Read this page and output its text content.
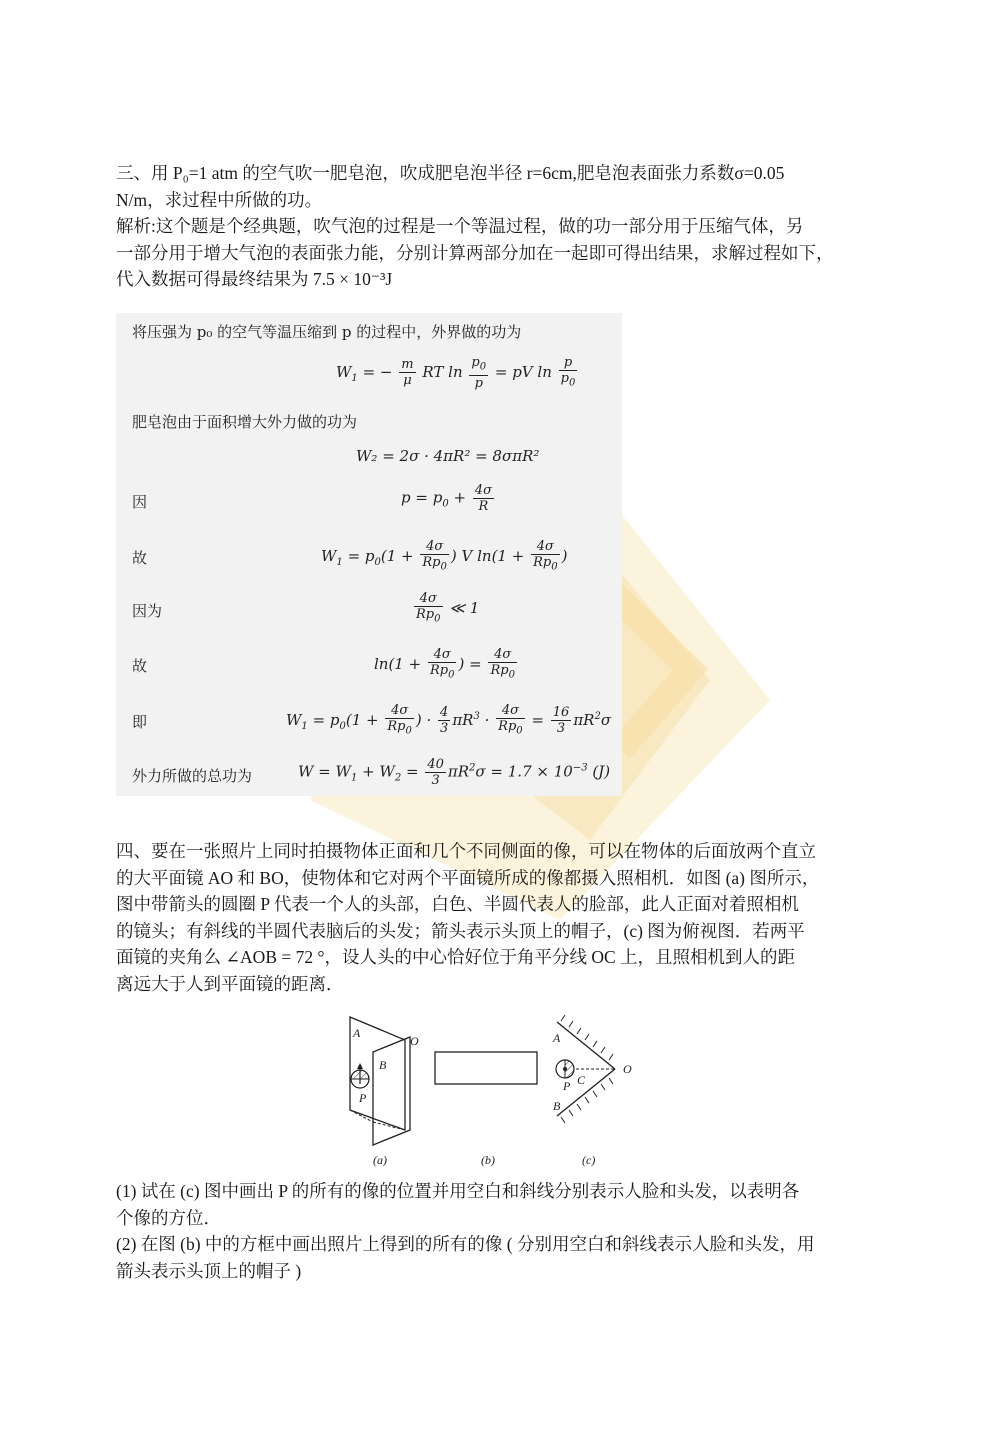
三、用 P₀=1 atm 的空气吹一肥皂泡，吹成肥皂泡半径 r=6cm,肥皂泡表面张力系数σ=0.05

N/m，求过程中所做的功。

解析:这个题是个经典题，吹气泡的过程是一个等温过程，做的功一部分用于压缩气体，另

一部分用于增大气泡的表面张力能，分别计算两部分加在一起即可得出结果，求解过程如下，

代入数据可得最终结果为 7.5 × 10⁻³J

将压强为 p₀ 的空气等温压缩到 p 的过程中，外界做的功为
$W_1$ = − $\frac{m}{\mu}$ RT $\ln \frac{p_0}{p}$ = pV $\ln \frac{p}{p_0}$
肥皂泡由于面积增大外力做的功为
W₂ = 2σ · 4πR² = 8σπR²
因	$p = p_0 + \frac{4\sigma}{R}$
故	$W_1 = p_0(1 + \frac{4\sigma}{Rp_0}$ ) V $\ln(1 + \frac{4\sigma}{Rp_0}$ )
因为	$\frac{4\sigma}{Rp_0}$ ≪ 1
故	$\ln(1 + \frac{4\sigma}{Rp_0}$ ) = $\frac{4\sigma}{Rp_0}$
即	$W_1 = p_0(1 + \frac{4\sigma}{Rp_0}$ ) · $\frac{4}{3} \pi R^3 \cdot \frac{4\sigma}{Rp_0} = \frac{16}{3} \pi R^2\sigma$
外力所做的总功为	$W = W_1 + W_2 = \frac{40}{3} \pi R^2\sigma = 1.7 \times 10^{-3}$ (J)

四、要在一张照片上同时拍摄物体正面和几个不同侧面的像，可以在物体的后面放两个直立

的大平面镜 AO 和 BO，使物体和它对两个平面镜所成的像都摄入照相机．如图 (a) 图所示，

图中带箭头的圆圈 P 代表一个人的头部，白色、半圆代表人的脸部，此人正面对着照相机

的镜头；有斜线的半圆代表脑后的头发；箭头表示头顶上的帽子，(c) 图为俯视图．若两平

面镜的夹角么 ∠AOB = 72 °，设人头的中心恰好位于角平分线 OC 上，且照相机到人的距

离远大于人到平面镜的距离．

A
O
B
P
(a)	(b)
A
O
P C
B
(c)

(1) 试在 (c) 图中画出 P 的所有的像的位置并用空白和斜线分别表示人脸和头发，以表明各

个像的方位．

(2) 在图 (b) 中的方框中画出照片上得到的所有的像 ( 分别用空白和斜线表示人脸和头发，用

箭头表示头顶上的帽子 )
